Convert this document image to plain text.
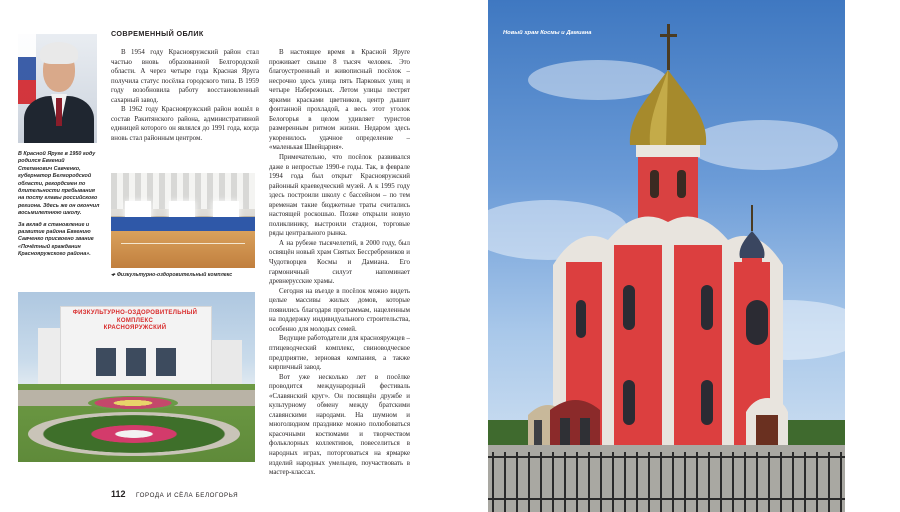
В Красной Яруге в 1950 году родился Евгений Степанович Савченко, губернатор Белгородской области, рекордсмен по длительности пребывания на посту главы российского региона. Здесь же он окончил восьмилетнюю школу.

За вклад в становление и развитие района Евгению Савченко присвоено звание «Почётный гражданин Краснояружского района».

СОВРЕМЕННЫЙ ОБЛИК

В 1954 году Краснояружский район стал частью вновь образованной Белгородской области. А через четыре года Красная Яруга получила статус посёлка городского типа. В 1959 году возобновила работу восстановленный сахарный завод.

В 1962 году Краснояружский район вошёл в состав Ракитянского района, административной единицей которого он являлся до 1991 года, когда вновь стал районным центром.

◂• Физкультурно-оздоровительный комплекс
ФИЗКУЛЬТУРНО-ОЗДОРОВИТЕЛЬНЫЙ
КОМПЛЕКС
КРАСНОЯРУЖСКИЙ

В настоящее время в Красной Яруге проживает свыше 8 тысяч человек. Это благоустроенный и живописный посёлок – несрочно здесь улица пять Парковых улиц и четыре Набережных. Летом улицы пестрят яркими красками цветников, центр дышит фонтанной прохладой, а весь этот уголок Белогорья в целом удивляет туристов размеренным ритмом жизни. Недаром здесь укоренилось удачное определение – «маленькая Швейцария».

Примечательно, что посёлок развивался даже в непростые 1990-е годы. Так, в феврале 1994 года был открыт Краснояружский районный краеведческий музей. А к 1995 году здесь построили школу с бассейном – по тем временам такие бюджетные траты считались настоящей роскошью. Позже открыли новую поликлинику, выстроили стадион, торговые ряды центрального рынка.

А на рубеже тысячелетий, в 2000 году, был освящён новый храм Святых Бессребреников и Чудотворцев Космы и Дамиана. Его гармоничный силуэт напоминает древнерусские храмы.

Сегодня на въезде в посёлок можно видеть целые массивы жилых домов, которые появились благодаря программам, нацеленным на поддержку индивидуального строительства, особенно для молодых семей.

Ведущие работодатели для краснояружцев – птицеводческий комплекс, свиноводческое предприятие, зерновая компания, а также кирпичный завод.

Вот уже несколько лет в посёлке проводится международный фестиваль «Славянский круг». Он посвящён дружбе и культурному обмену между братскими славянскими народами. На шумном и многолюдном празднике можно полюбоваться красочными костюмами и творчеством фольклорных коллективов, повеселиться в народных играх, поторговаться на ярмарке изделий народных умельцев, поучаствовать в мастер-классах.

112 ГОРОДА И СЁЛА БЕЛОГОРЬЯ
Новый храм Космы и Дамиана
